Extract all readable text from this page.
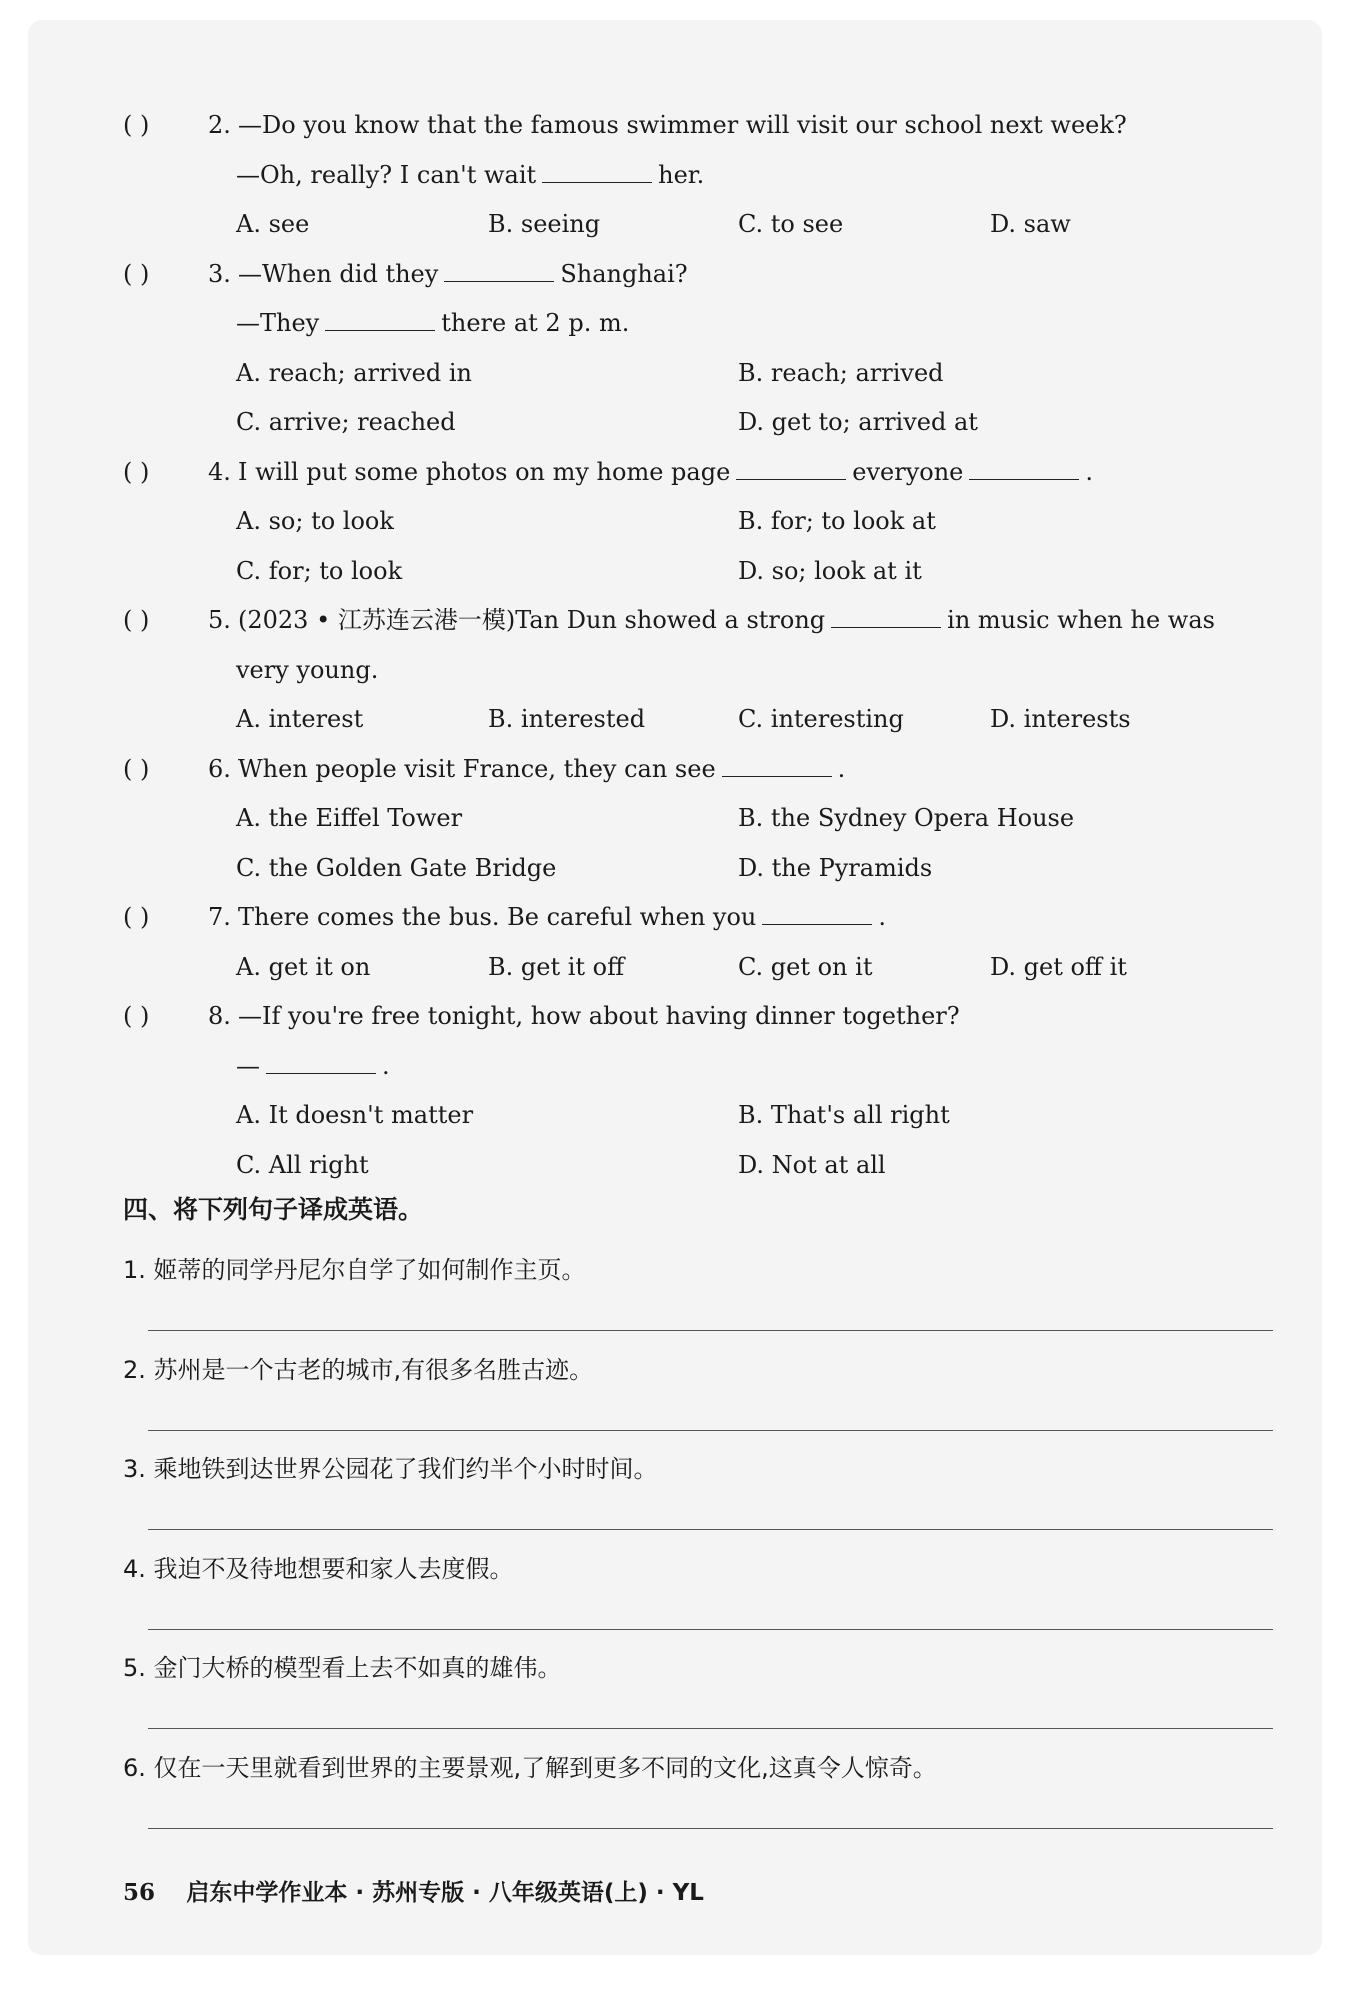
( ) 2. —Do you know that the famous swimmer will visit our school next week?
—Oh, really? I can't wait	her.
A. see	B. seeing	C. to see	D. saw
( ) 3. —When did they	Shanghai?
—They	there at 2 p. m.
A. reach; arrived in	B. reach; arrived
C. arrive; reached	D. get to; arrived at
( ) 4. I will put some photos on my home page	everyone	.
A. so; to look	B. for; to look at
C. for; to look	D. so; look at it
( ) 5. (2023 • 江苏连云港一模)Tan Dun showed a strong	in music when he was
very young.
A. interest	B. interested	C. interesting	D. interests
( ) 6. When people visit France, they can see	.
A. the Eiffel Tower	B. the Sydney Opera House
C. the Golden Gate Bridge	D. the Pyramids
( ) 7. There comes the bus. Be careful when you	.
A. get it on	B. get it off	C. get on it	D. get off it
( ) 8. —If you're free tonight, how about having dinner together?
—	.
A. It doesn't matter	B. That's all right
C. All right	D. Not at all
四、将下列句子译成英语。
1. 姬蒂的同学丹尼尔自学了如何制作主页。
2. 苏州是一个古老的城市,有很多名胜古迹。
3. 乘地铁到达世界公园花了我们约半个小时时间。
4. 我迫不及待地想要和家人去度假。
5. 金门大桥的模型看上去不如真的雄伟。
6. 仅在一天里就看到世界的主要景观,了解到更多不同的文化,这真令人惊奇。
56 启东中学作业本 · 苏州专版 · 八年级英语(上) · YL
